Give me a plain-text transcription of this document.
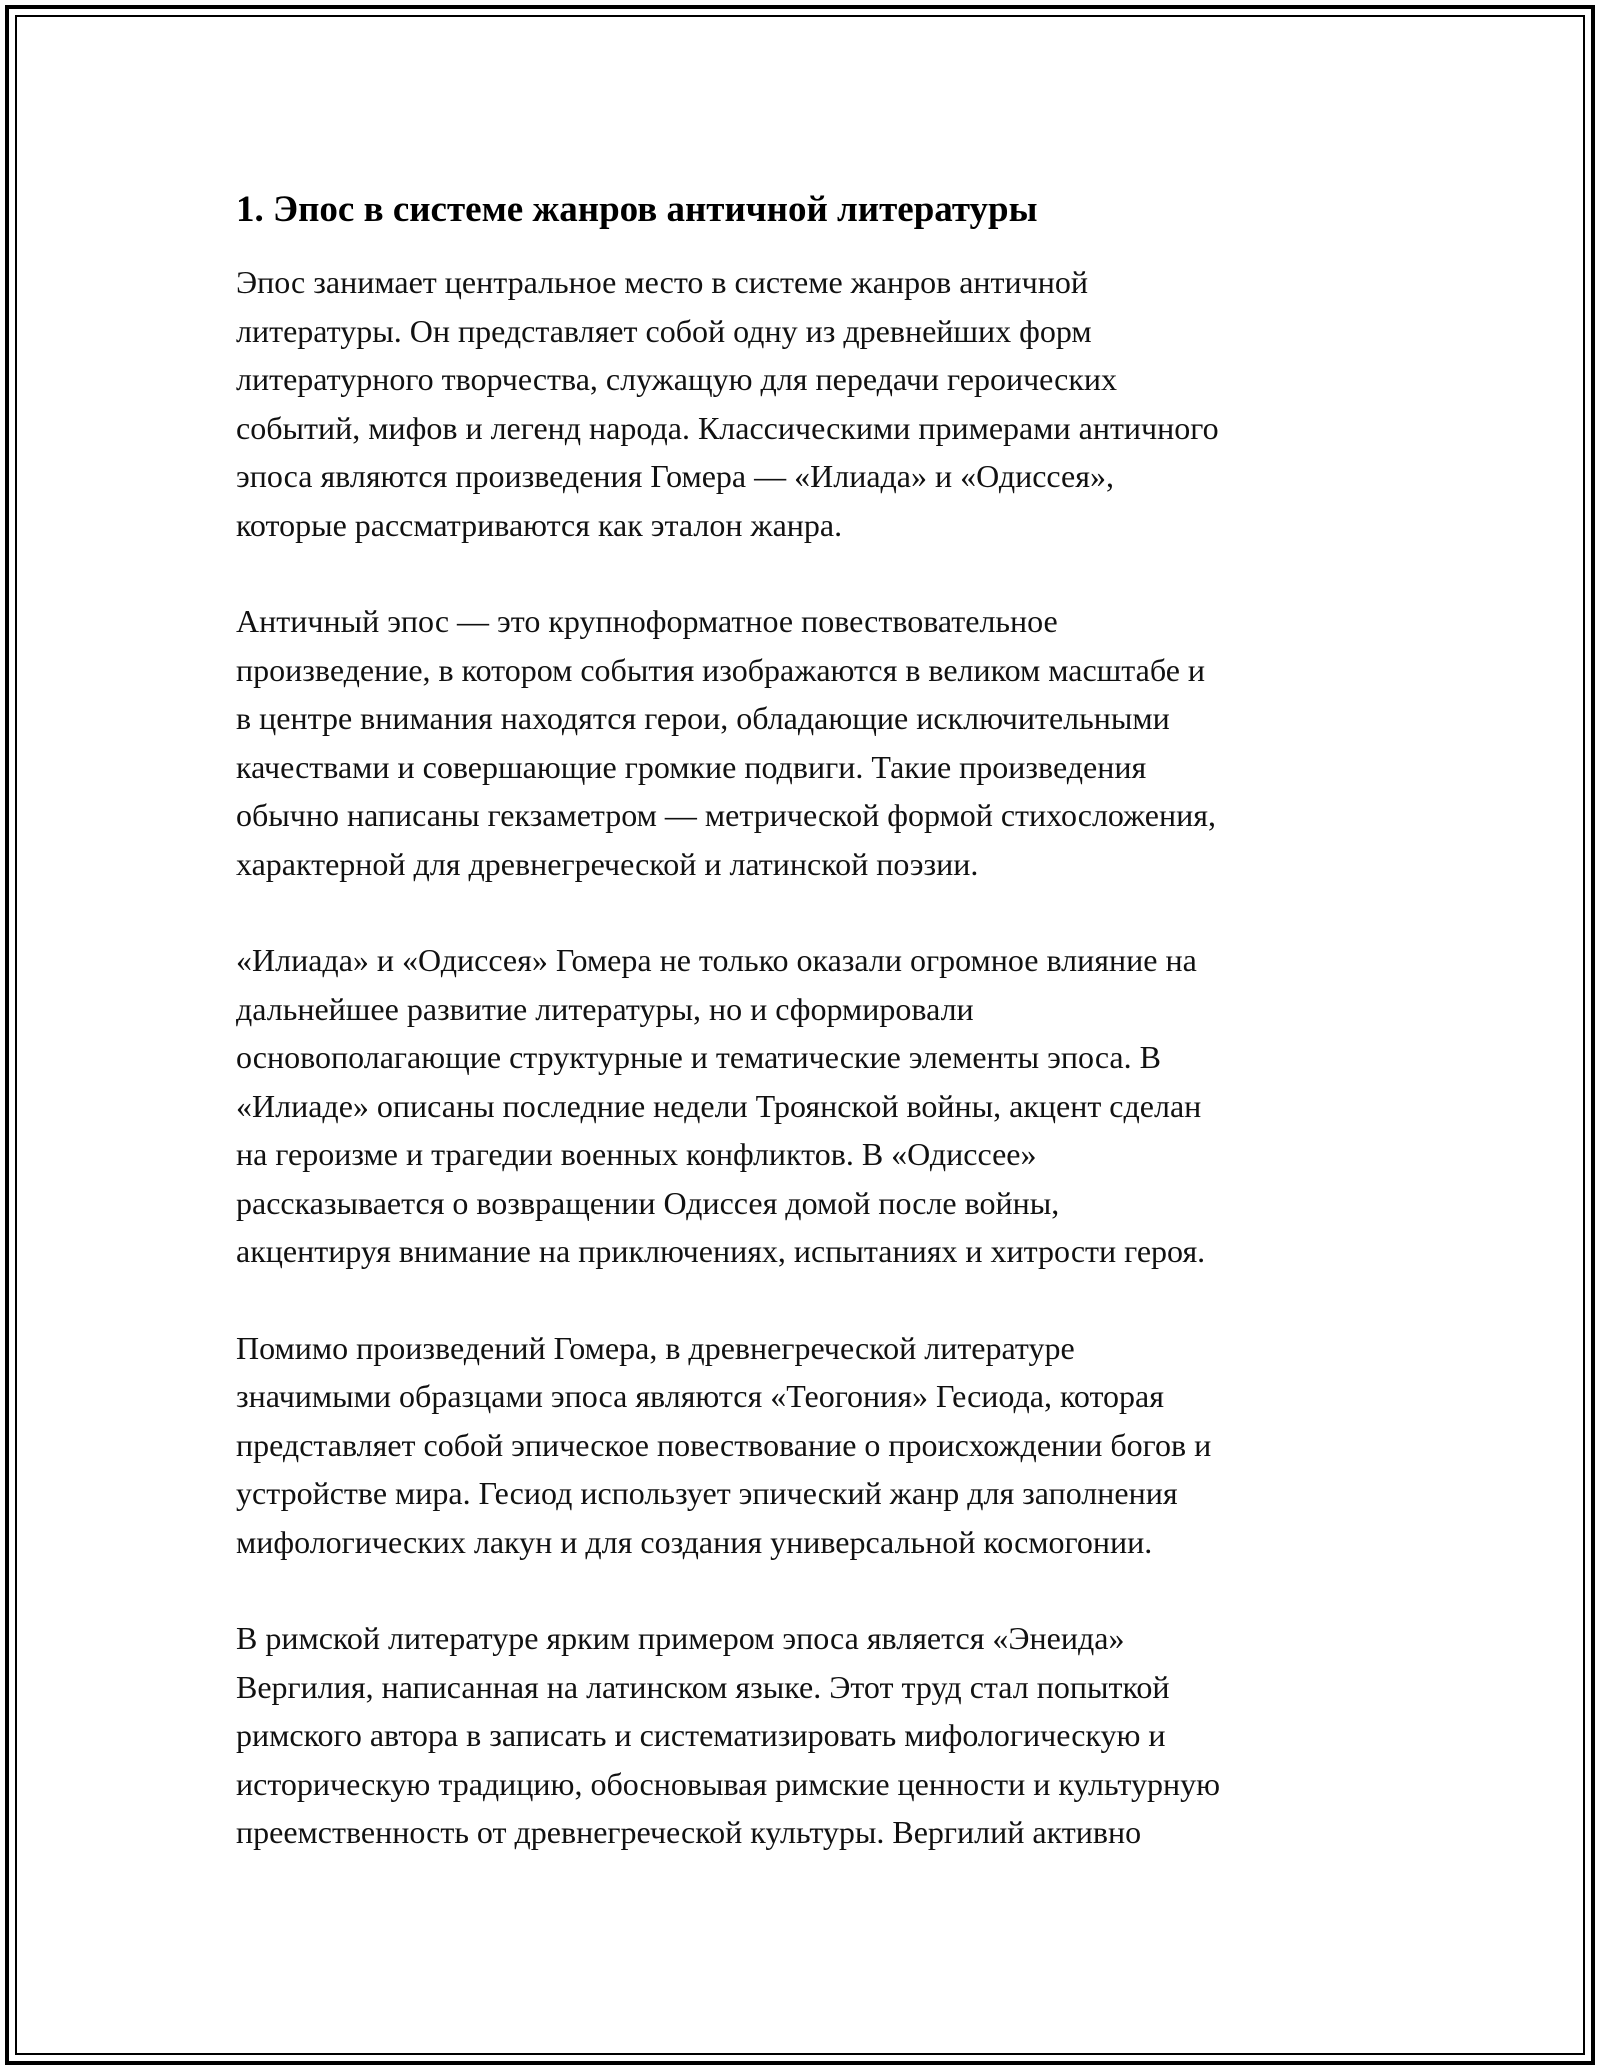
1. Эпос в системе жанров античной литературы

Эпос занимает центральное место в системе жанров античной
литературы. Он представляет собой одну из древнейших форм
литературного творчества, служащую для передачи героических
событий, мифов и легенд народа. Классическими примерами античного
эпоса являются произведения Гомера — «Илиада» и «Одиссея»,
которые рассматриваются как эталон жанра.

Античный эпос — это крупноформатное повествовательное
произведение, в котором события изображаются в великом масштабе и
в центре внимания находятся герои, обладающие исключительными
качествами и совершающие громкие подвиги. Такие произведения
обычно написаны гекзаметром — метрической формой стихосложения,
характерной для древнегреческой и латинской поэзии.

«Илиада» и «Одиссея» Гомера не только оказали огромное влияние на
дальнейшее развитие литературы, но и сформировали
основополагающие структурные и тематические элементы эпоса. В
«Илиаде» описаны последние недели Троянской войны, акцент сделан
на героизме и трагедии военных конфликтов. В «Одиссее»
рассказывается о возвращении Одиссея домой после войны,
акцентируя внимание на приключениях, испытаниях и хитрости героя.

Помимо произведений Гомера, в древнегреческой литературе
значимыми образцами эпоса являются «Теогония» Гесиода, которая
представляет собой эпическое повествование о происхождении богов и
устройстве мира. Гесиод использует эпический жанр для заполнения
мифологических лакун и для создания универсальной космогонии.

В римской литературе ярким примером эпоса является «Энеида»
Вергилия, написанная на латинском языке. Этот труд стал попыткой
римского автора в записать и систематизировать мифологическую и
историческую традицию, обосновывая римские ценности и культурную
преемственность от древнегреческой культуры. Вергилий активно
